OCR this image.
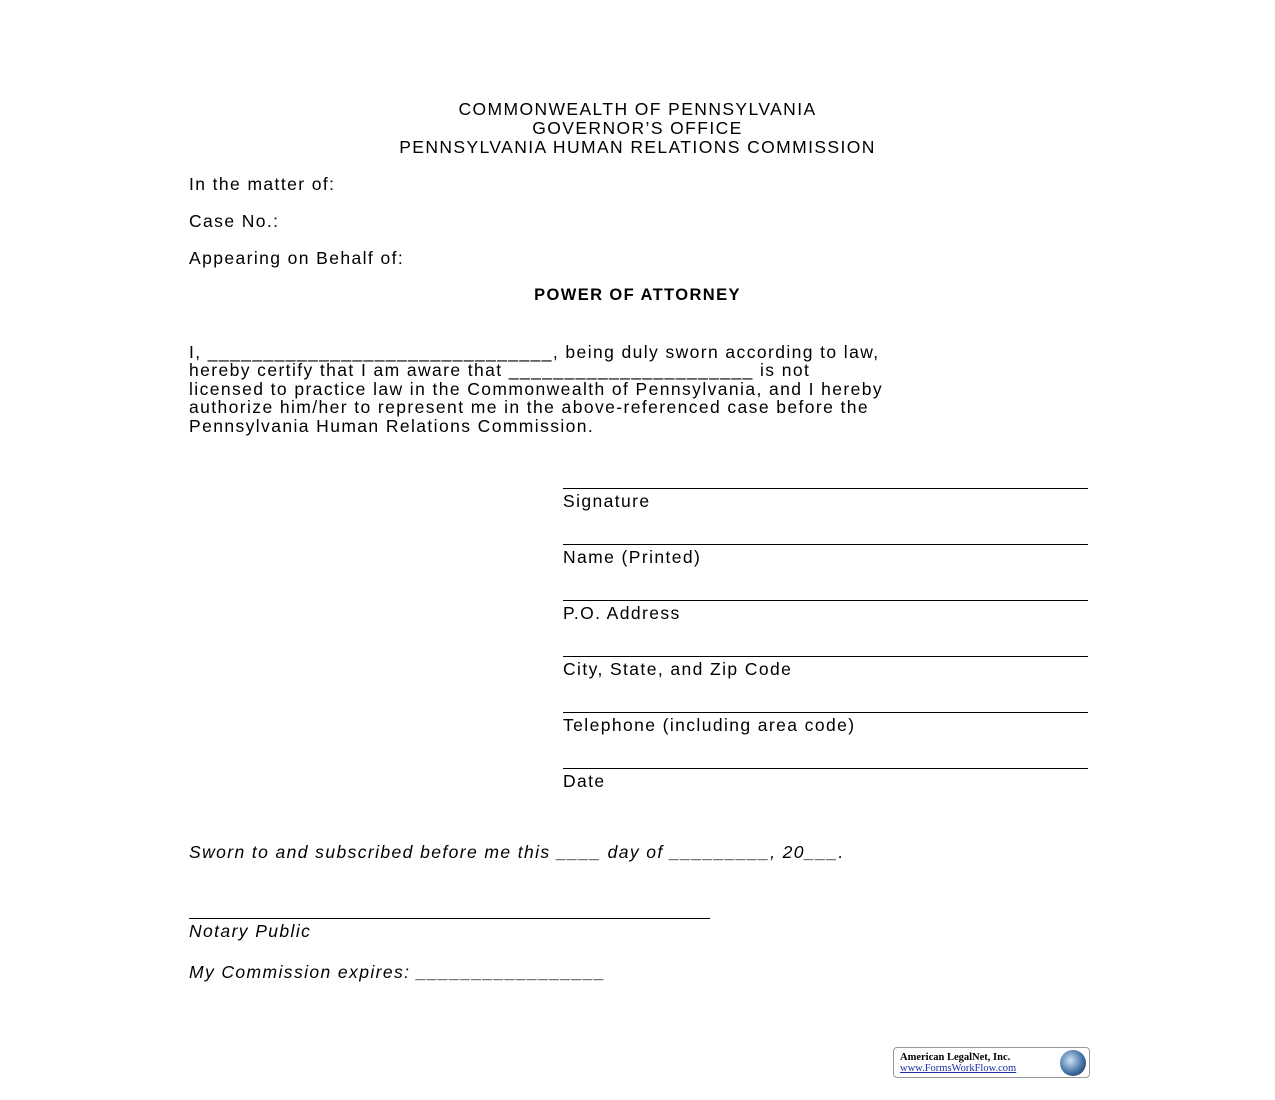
COMMONWEALTH OF PENNSYLVANIA
GOVERNOR’S OFFICE
PENNSYLVANIA HUMAN RELATIONS COMMISSION
In the matter of:
Case No.:
Appearing on Behalf of:
POWER OF ATTORNEY
I, _______________________________, being duly sworn according to law,
hereby certify that I am aware that ______________________ is not
licensed to practice law in the Commonwealth of Pennsylvania, and I hereby
authorize him/her to represent me in the above-referenced case before the
Pennsylvania Human Relations Commission.
Signature
Name (Printed)
P.O. Address
City, State, and Zip Code
Telephone (including area code)
Date
Sworn to and subscribed before me this ____ day of _________, 20___.
Notary Public
My Commission expires: _________________
American LegalNet, Inc.
www.FormsWorkFlow.com
